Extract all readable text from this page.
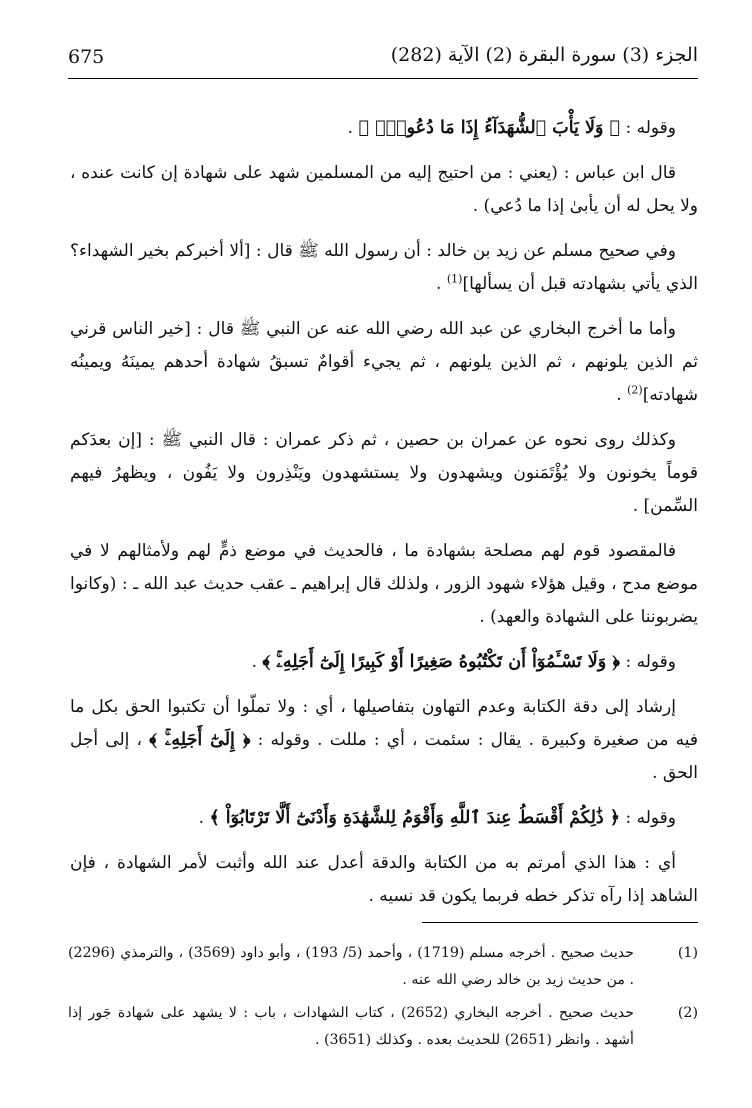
675	الجزء (3) سورة البقرة (2) الآية (282)

وقوله : ﴿ وَلَا يَأْبَ ٱلشُّهَدَآءُ إِذَا مَا دُعُواْۚ ﴾ .

قال ابن عباس : (يعني : من احتيج إليه من المسلمين شهد على شهادة إن كانت عنده ، ولا يحل له أن يأبىٰ إذا ما دُعي) .

وفي صحيح مسلم عن زيد بن خالد : أن رسول الله ﷺ قال : [ألا أخبركم بخير الشهداء؟ الذي يأتي بشهادته قبل أن يسألها]$^{(1)}$ .

وأما ما أخرج البخاري عن عبد الله رضي الله عنه عن النبي ﷺ قال : [خير الناس قرني ثم الذين يلونهم ، ثم الذين يلونهم ، ثم يجيء أقوامٌ تسبقُ شهادة أحدهم يمينَهُ ويمينُه شهادته]$^{(2)}$ .

وكذلك روى نحوه عن عمران بن حصين ، ثم ذكر عمران : قال النبي ﷺ : [إن بعدَكم قوماً يخونون ولا يُؤْتَمَنون ويشهدون ولا يستشهدون ويَنْذِرون ولا يَفُون ، ويظهرُ فيهم السِّمن] .

فالمقصود قوم لهم مصلحة بشهادة ما ، فالحديث في موضع ذمٍّ لهم ولأمثالهم لا في موضع مدح ، وقيل هؤلاء شهود الزور ، ولذلك قال إبراهيم ـ عقب حديث عبد الله ـ : (وكانوا يضربوننا على الشهادة والعهد) .

وقوله : ﴿ وَلَا تَسْـَٔمُوٓاْ أَن تَكْتُبُوهُ صَغِيرًا أَوْ كَبِيرًا إِلَىٰٓ أَجَلِهِۦۚ ﴾ .

إرشاد إلى دقة الكتابة وعدم التهاون بتفاصيلها ، أي : ولا تملّوا أن تكتبوا الحق بكل ما فيه من صغيرة وكبيرة . يقال : سئمت ، أي : مللت . وقوله : ﴿ إِلَىٰٓ أَجَلِهِۦۚ ﴾ ، إلى أجل الحق .

وقوله : ﴿ ذَٰلِكُمْ أَقْسَطُ عِندَ ٱللَّهِ وَأَقْوَمُ لِلشَّهَٰدَةِ وَأَدْنَىٰٓ أَلَّا تَرْتَابُوٓاْ ﴾ .

أي : هذا الذي أمرتم به من الكتابة والدقة أعدل عند الله وأثبت لأمر الشهادة ، فإن الشاهد إذا رآه تذكر خطه فربما يكون قد نسيه .

(1)
حديث صحيح . أخرجه مسلم (1719) ، وأحمد (5/ 193) ، وأبو داود (3569) ، والترمذي (2296) . من حديث زيد بن خالد رضي الله عنه .
(2)
حديث صحيح . أخرجه البخاري (2652) ، كتاب الشهادات ، باب : لا يشهد على شهادة جَور إذا أشهد . وانظر (2651) للحديث بعده . وكذلك (3651) .
